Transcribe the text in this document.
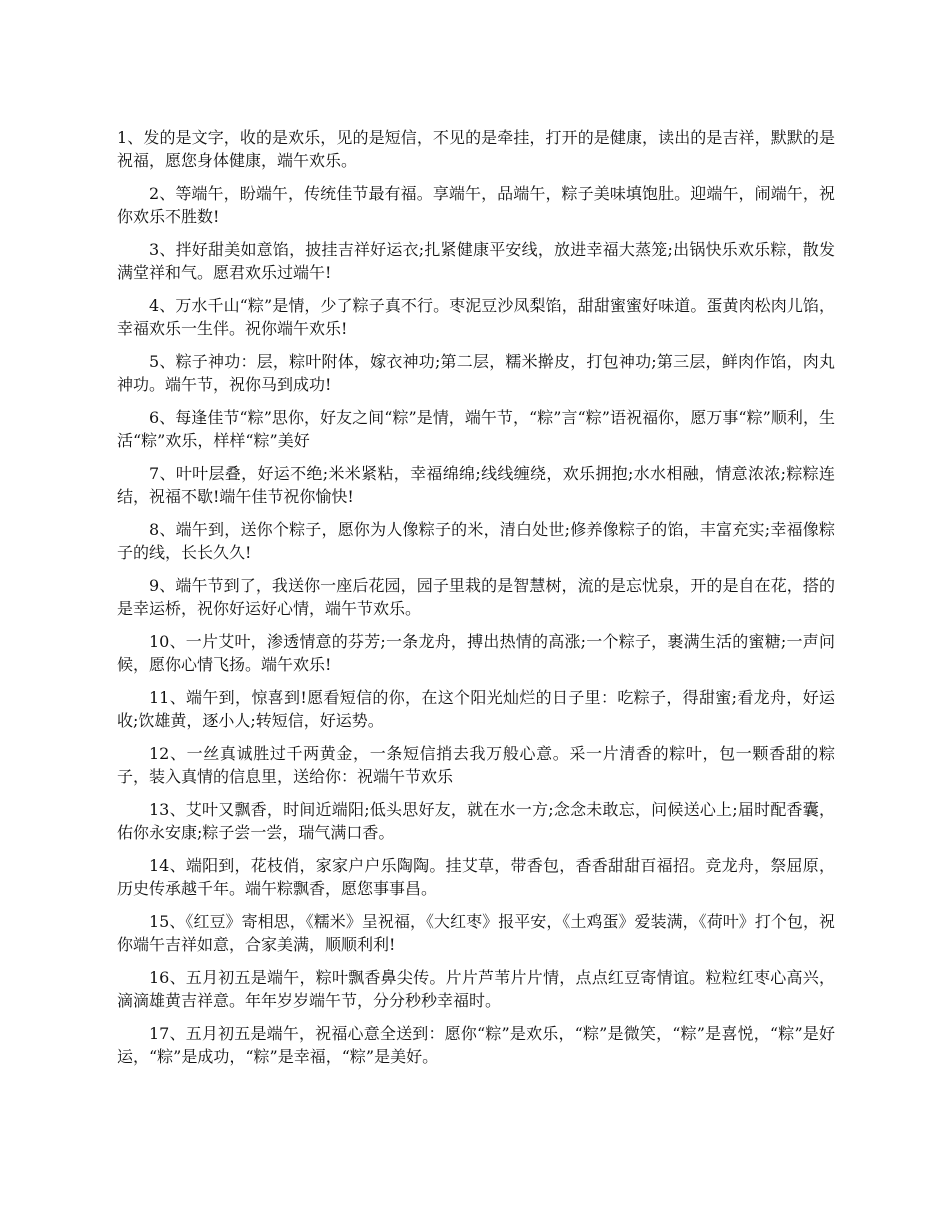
1、发的是文字，收的是欢乐，见的是短信，不见的是牵挂，打开的是健康，读出的是吉祥，默默的是祝福，愿您身体健康，端午欢乐。

2、等端午，盼端午，传统佳节最有福。享端午，品端午，粽子美味填饱肚。迎端午，闹端午，祝你欢乐不胜数!

3、拌好甜美如意馅，披挂吉祥好运衣;扎紧健康平安线，放进幸福大蒸笼;出锅快乐欢乐粽，散发满堂祥和气。愿君欢乐过端午!

4、万水千山“粽”是情，少了粽子真不行。枣泥豆沙凤梨馅，甜甜蜜蜜好味道。蛋黄肉松肉儿馅，幸福欢乐一生伴。祝你端午欢乐!

5、粽子神功：层，粽叶附体，嫁衣神功;第二层，糯米擀皮，打包神功;第三层，鲜肉作馅，肉丸神功。端午节，祝你马到成功!

6、每逢佳节“粽”思你，好友之间“粽”是情，端午节，“粽”言“粽”语祝福你，愿万事“粽”顺利，生活“粽”欢乐，样样“粽”美好

7、叶叶层叠，好运不绝;米米紧粘，幸福绵绵;线线缠绕，欢乐拥抱;水水相融，情意浓浓;粽粽连结，祝福不歇!端午佳节祝你愉快!

8、端午到，送你个粽子，愿你为人像粽子的米，清白处世;修养像粽子的馅，丰富充实;幸福像粽子的线，长长久久!

9、端午节到了，我送你一座后花园，园子里栽的是智慧树，流的是忘忧泉，开的是自在花，搭的是幸运桥，祝你好运好心情，端午节欢乐。

10、一片艾叶，渗透情意的芬芳;一条龙舟，搏出热情的高涨;一个粽子，裹满生活的蜜糖;一声问候，愿你心情飞扬。端午欢乐!

11、端午到，惊喜到!愿看短信的你，在这个阳光灿烂的日子里：吃粽子，得甜蜜;看龙舟，好运收;饮雄黄，逐小人;转短信，好运势。

12、一丝真诚胜过千两黄金，一条短信捎去我万般心意。采一片清香的粽叶，包一颗香甜的粽子，装入真情的信息里，送给你：祝端午节欢乐

13、艾叶又飘香，时间近端阳;低头思好友，就在水一方;念念未敢忘，问候送心上;届时配香囊，佑你永安康;粽子尝一尝，瑞气满口香。

14、端阳到，花枝俏，家家户户乐陶陶。挂艾草，带香包，香香甜甜百福招。竞龙舟，祭屈原，历史传承越千年。端午粽飘香，愿您事事昌。

15、《红豆》寄相思，《糯米》呈祝福，《大红枣》报平安，《土鸡蛋》爱装满，《荷叶》打个包，祝你端午吉祥如意，合家美满，顺顺利利!

16、五月初五是端午，粽叶飘香鼻尖传。片片芦苇片片情，点点红豆寄情谊。粒粒红枣心高兴，滴滴雄黄吉祥意。年年岁岁端午节，分分秒秒幸福时。

17、五月初五是端午，祝福心意全送到：愿你“粽”是欢乐，“粽”是微笑，“粽”是喜悦，“粽”是好运，“粽”是成功，“粽”是幸福，“粽”是美好。
